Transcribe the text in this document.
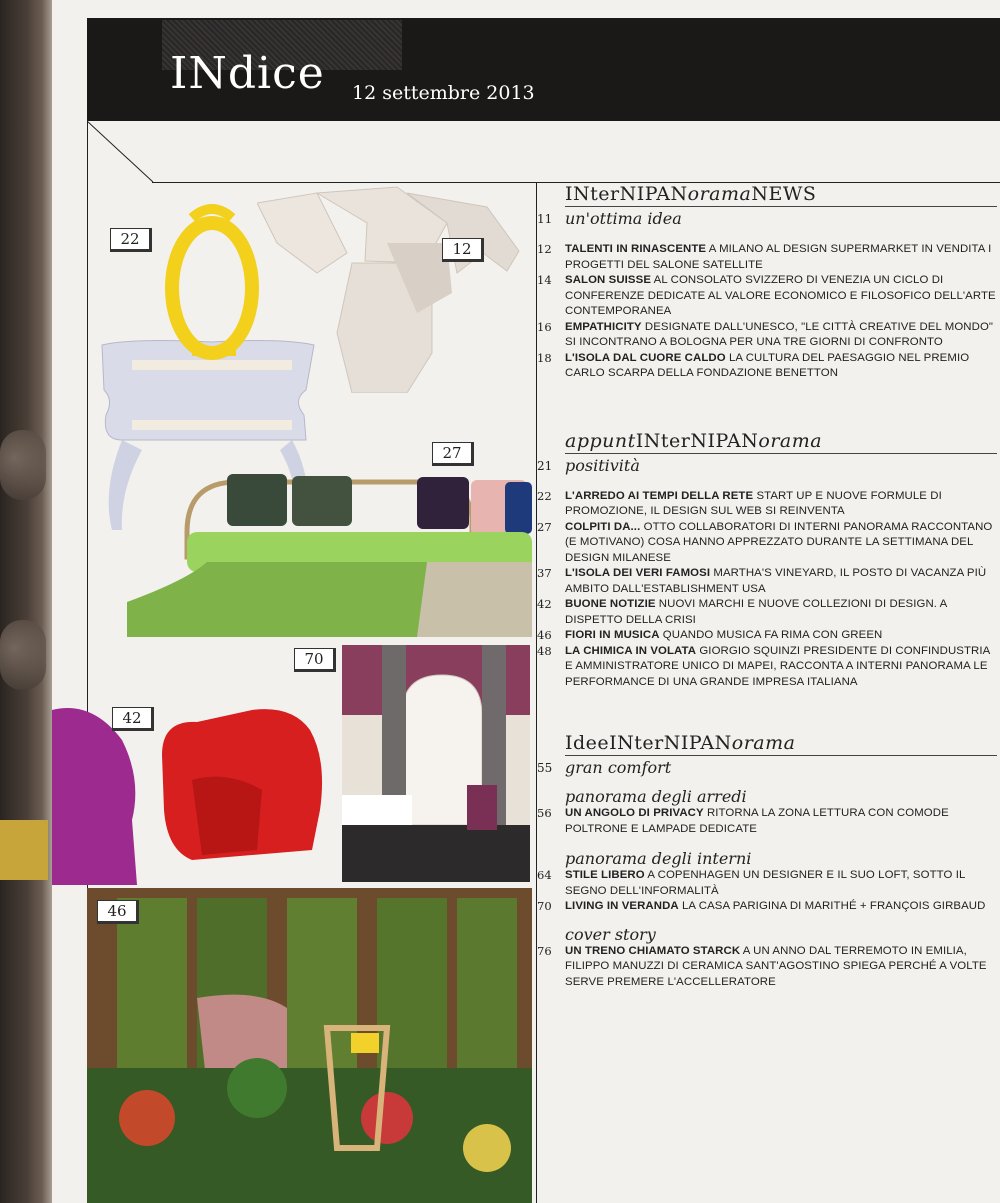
INdice 12 settembre 2013
22
12
27
70
42
46
INterNIPANoramaNEWS
11 un'ottima idea
12	TALENTI IN RINASCENTE A MILANO AL DESIGN SUPERMARKET IN VENDITA I PROGETTI DEL SALONE SATELLITE
14	SALON SUISSE AL CONSOLATO SVIZZERO DI VENEZIA UN CICLO DI CONFERENZE DEDICATE AL VALORE ECONOMICO E FILOSOFICO DELL'ARTE CONTEMPORANEA
16	EMPATHICITY DESIGNATE DALL'UNESCO, "LE CITTÀ CREATIVE DEL MONDO" SI INCONTRANO A BOLOGNA PER UNA TRE GIORNI DI CONFRONTO
18	L'ISOLA DAL CUORE CALDO LA CULTURA DEL PAESAGGIO NEL PREMIO CARLO SCARPA DELLA FONDAZIONE BENETTON
appuntINterNIPANorama
21 positività
22	L'ARREDO AI TEMPI DELLA RETE START UP E NUOVE FORMULE DI PROMOZIONE, IL DESIGN SUL WEB SI REINVENTA
27	COLPITI DA... OTTO COLLABORATORI DI INTERNI PANORAMA RACCONTANO (E MOTIVANO) COSA HANNO APPREZZATO DURANTE LA SETTIMANA DEL DESIGN MILANESE
37	L'ISOLA DEI VERI FAMOSI MARTHA'S VINEYARD, IL POSTO DI VACANZA PIÙ AMBITO DALL'ESTABLISHMENT USA
42	BUONE NOTIZIE NUOVI MARCHI E NUOVE COLLEZIONI DI DESIGN. A DISPETTO DELLA CRISI
46	FIORI IN MUSICA QUANDO MUSICA FA RIMA CON GREEN
48	LA CHIMICA IN VOLATA GIORGIO SQUINZI PRESIDENTE DI CONFINDUSTRIA E AMMINISTRATORE UNICO DI MAPEI, RACCONTA A INTERNI PANORAMA LE PERFORMANCE DI UNA GRANDE IMPRESA ITALIANA
IdeeINterNIPANorama
55 gran comfort
panorama degli arredi
56	UN ANGOLO DI PRIVACY RITORNA LA ZONA LETTURA CON COMODE POLTRONE E LAMPADE DEDICATE
panorama degli interni
64	STILE LIBERO A COPENHAGEN UN DESIGNER E IL SUO LOFT, SOTTO IL SEGNO DELL'INFORMALITÀ
70	LIVING IN VERANDA LA CASA PARIGINA DI MARITHÉ + FRANÇOIS GIRBAUD
cover story
76	UN TRENO CHIAMATO STARCK A UN ANNO DAL TERREMOTO IN EMILIA, FILIPPO MANUZZI DI CERAMICA SANT'AGOSTINO SPIEGA PERCHÉ A VOLTE SERVE PREMERE L'ACCELLERATORE
